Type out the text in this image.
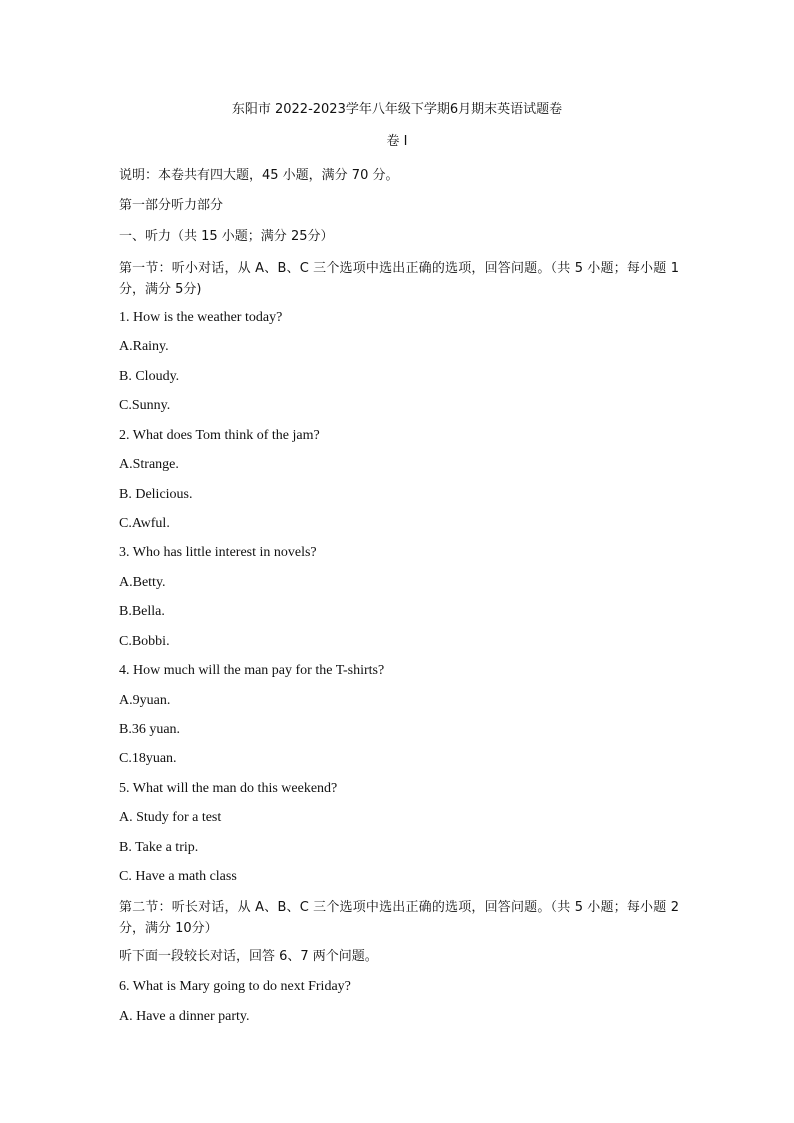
东阳市 2022-2023学年八年级下学期6月期末英语试题卷
卷 I
说明：本卷共有四大题，45 小题，满分 70 分。
第一部分听力部分
一、听力（共 15 小题；满分 25分）
第一节：听小对话，从 A、B、C 三个选项中选出正确的选项，回答问题。（共 5 小题；每小题 1 分，满分 5分)
1. How is the weather today?
A.Rainy.
B. Cloudy.
C.Sunny.
2. What does Tom think of the jam?
A.Strange.
B. Delicious.
C.Awful.
3. Who has little interest in novels?
A.Betty.
B.Bella.
C.Bobbi.
4. How much will the man pay for the T-shirts?
A.9yuan.
B.36 yuan.
C.18yuan.
5. What will the man do this weekend?
A. Study for a test
B. Take a trip.
C. Have a math class
第二节：听长对话，从 A、B、C 三个选项中选出正确的选项，回答问题。（共 5 小题；每小题 2分，满分 10分）
听下面一段较长对话，回答 6、7 两个问题。
6. What is Mary going to do next Friday?
A. Have a dinner party.
